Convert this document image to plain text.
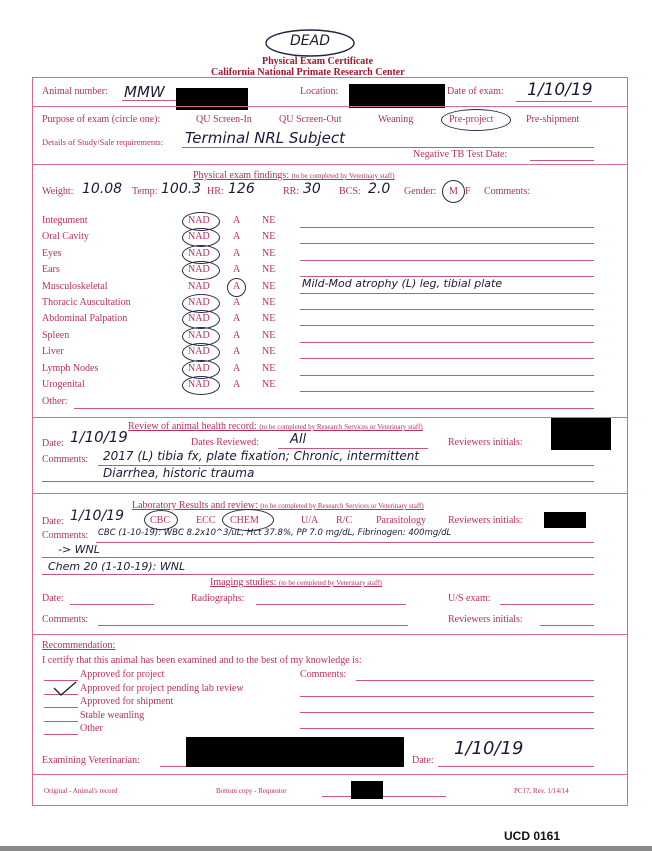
DEAD
Physical Exam Certificate
California National Primate Research Center
Animal number: MMW	Location:	Date of exam: 1/10/19
Purpose of exam (circle one):	QU Screen-In	QU Screen-Out	Weaning	Pre-project	Pre-shipment
Details of Study/Sale requirements: Terminal NRL Subject
Negative TB Test Date:
Physical exam findings: (to be completed by Veterinary staff)
Weight: 10.08 Temp: 100.3 HR: 126	RR: 30 BCS: 2.0 Gender: M F Comments:
Integument	NAD A NE
Oral Cavity	NAD A NE
Eyes	NAD A NE
Ears	NAD A NE
Musculoskeletal	NAD A NE Mild-Mod atrophy (L) leg, tibial plate
Thoracic Auscultation	NAD A NE
Abdominal Palpation	NAD A NE
Spleen	NAD A NE
Liver	NAD A NE
Lymph Nodes	NAD A NE
Urogenital	NAD A NE
Other:
Review of animal health record: (to be completed by Research Services or Veterinary staff)
Date: 1/10/19	Dates Reviewed: All	Reviewers initials:
Comments: 2017 (L) tibia fx, plate fixation; Chronic, intermittent
Diarrhea, historic trauma
Laboratory Results and review: (to be completed by Research Services or Veterinary staff)
Date: 1/10/19	CBC	ECC CHEM	U/A R/C Parasitology Reviewers initials:
Comments: CBC (1-10-19): WBC 8.2x10^3/uL, Hct 37.8%, PP 7.0 mg/dL, Fibrinogen: 400mg/dL
-> WNL
Chem 20 (1-10-19): WNL
Imaging studies: (to be completed by Veterinary staff)
Date:	Radiographs:	U/S exam:
Comments:	Reviewers initials:
Recommendation:
I certify that this animal has been examined and to the best of my knowledge is:
Comments:
Approved for project
Approved for project pending lab review
Approved for shipment
Stable weanling
Other
Examining Veterinarian:	Date:
1/10/19
Original - Animal's record	Bottom copy - Requestor	PC17, Rev. 1/14/14
UCD 0161
